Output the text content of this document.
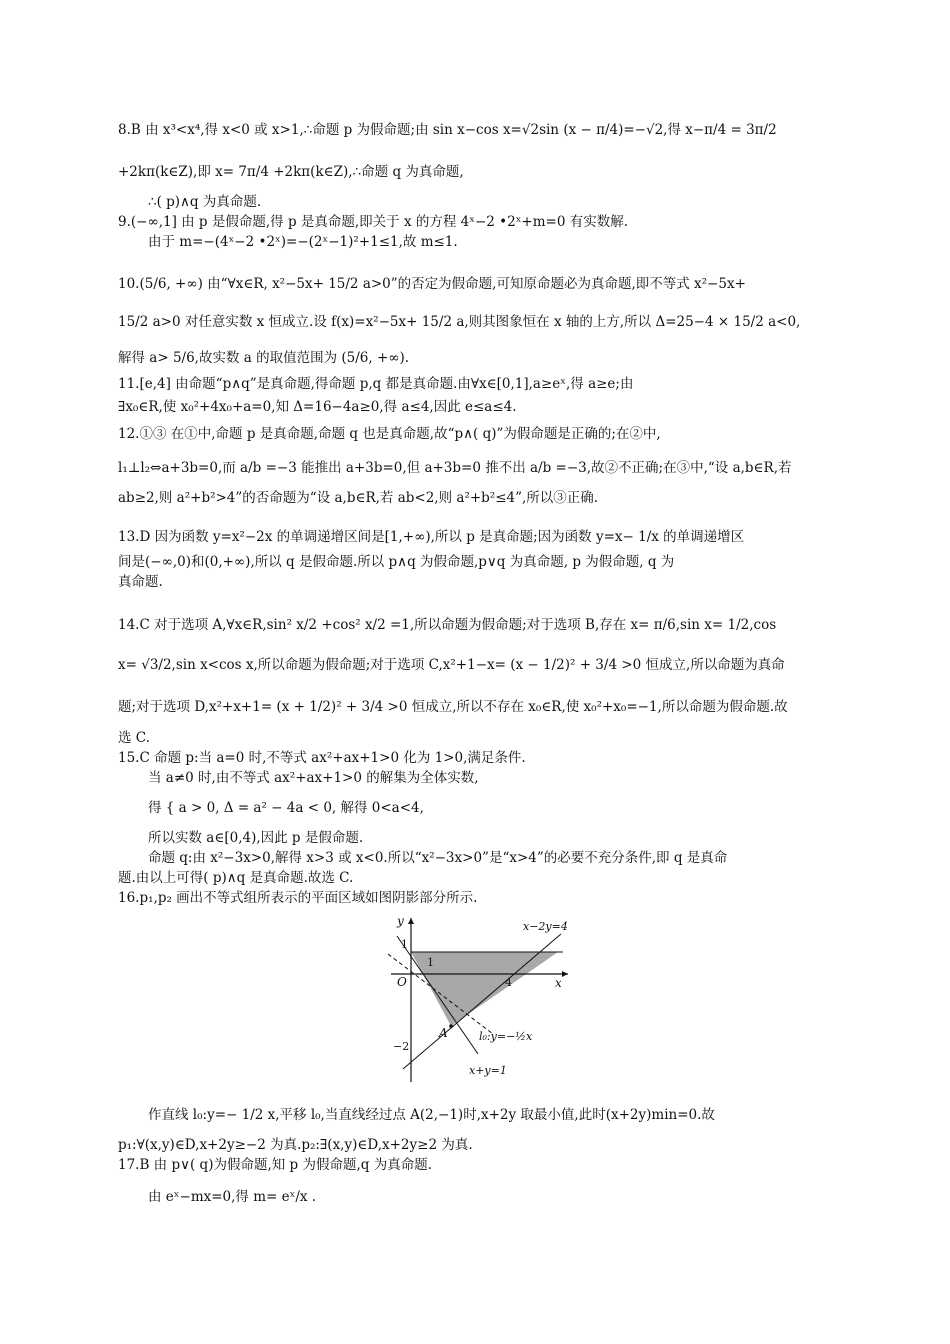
8.B 由 x³<x⁴,得 x<0 或 x>1,∴命题 p 为假命题;由 sin x−cos x=√2sin (x − π/4)=−√2,得 x−π/4 = 3π/2
+2kπ(k∈Z),即 x= 7π/4 +2kπ(k∈Z),∴命题 q 为真命题,
∴( p)∧q 为真命题.
9.(−∞,1] 由 p 是假命题,得 p 是真命题,即关于 x 的方程 4ˣ−2 •2ˣ+m=0 有实数解.
由于 m=−(4ˣ−2 •2ˣ)=−(2ˣ−1)²+1≤1,故 m≤1.
10.(5/6, +∞) 由“∀x∈R, x²−5x+ 15/2 a>0”的否定为假命题,可知原命题必为真命题,即不等式 x²−5x+
15/2 a>0 对任意实数 x 恒成立.设 f(x)=x²−5x+ 15/2 a,则其图象恒在 x 轴的上方,所以 Δ=25−4 × 15/2 a<0,
解得 a> 5/6,故实数 a 的取值范围为 (5/6, +∞).
11.[e,4] 由命题“p∧q”是真命题,得命题 p,q 都是真命题.由∀x∈[0,1],a≥eˣ,得 a≥e;由
∃x₀∈R,使 x₀²+4x₀+a=0,知 Δ=16−4a≥0,得 a≤4,因此 e≤a≤4.
12.①③ 在①中,命题 p 是真命题,命题 q 也是真命题,故“p∧( q)”为假命题是正确的;在②中,
l₁⊥l₂⇔a+3b=0,而 a/b =−3 能推出 a+3b=0,但 a+3b=0 推不出 a/b =−3,故②不正确;在③中,“设 a,b∈R,若
ab≥2,则 a²+b²>4”的否命题为“设 a,b∈R,若 ab<2,则 a²+b²≤4”,所以③正确.
13.D 因为函数 y=x²−2x 的单调递增区间是[1,+∞),所以 p 是真命题;因为函数 y=x− 1/x 的单调递增区
间是(−∞,0)和(0,+∞),所以 q 是假命题.所以 p∧q 为假命题,p∨q 为真命题, p 为假命题, q 为
真命题.
14.C 对于选项 A,∀x∈R,sin² x/2 +cos² x/2 =1,所以命题为假命题;对于选项 B,存在 x= π/6,sin x= 1/2,cos
x= √3/2,sin x<cos x,所以命题为假命题;对于选项 C,x²+1−x= (x − 1/2)² + 3/4 >0 恒成立,所以命题为真命
题;对于选项 D,x²+x+1= (x + 1/2)² + 3/4 >0 恒成立,所以不存在 x₀∈R,使 x₀²+x₀=−1,所以命题为假命题.故
选 C.
15.C 命题 p:当 a=0 时,不等式 ax²+ax+1>0 化为 1>0,满足条件.
当 a≠0 时,由不等式 ax²+ax+1>0 的解集为全体实数,
得 { a > 0, Δ = a² − 4a < 0, 解得 0<a<4,
所以实数 a∈[0,4),因此 p 是假命题.
命题 q:由 x²−3x>0,解得 x>3 或 x<0.所以“x²−3x>0”是“x>4”的必要不充分条件,即 q 是真命
题.由以上可得( p)∧q 是真命题.故选 C.
16.p₁,p₂ 画出不等式组所表示的平面区域如图阴影部分所示.
y
x
O
1
1
4
−2
A
x−2y=4
l₀:y=−½x
x+y=1
作直线 l₀:y=− 1/2 x,平移 l₀,当直线经过点 A(2,−1)时,x+2y 取最小值,此时(x+2y)min=0.故
p₁:∀(x,y)∈D,x+2y≥−2 为真.p₂:∃(x,y)∈D,x+2y≥2 为真.
17.B 由 p∨( q)为假命题,知 p 为假命题,q 为真命题.
由 eˣ−mx=0,得 m= eˣ/x .
